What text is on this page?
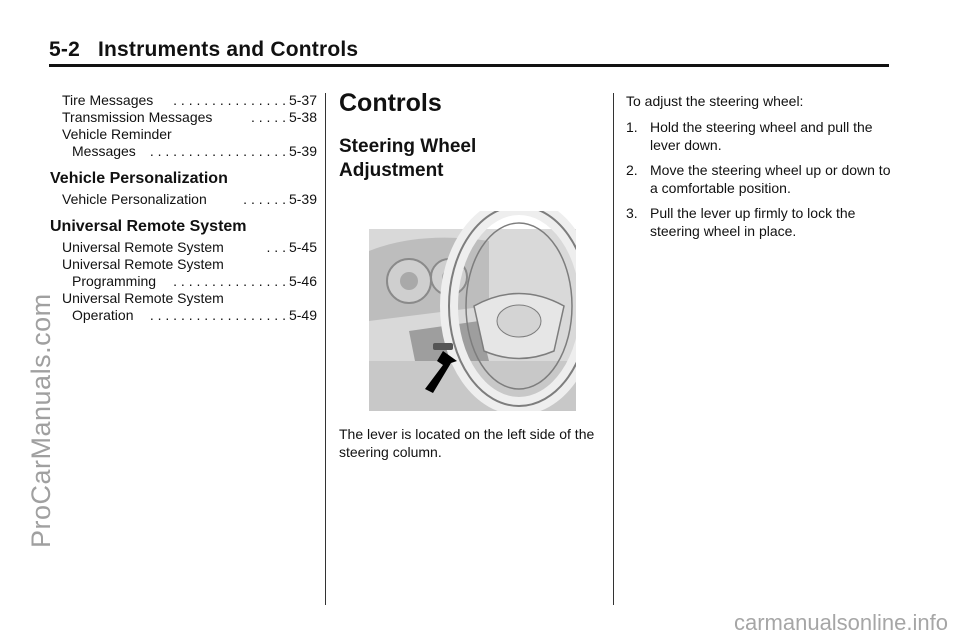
5-2 Instruments and Controls
ProCarManuals.com
carmanualsonline.info
Tire Messages	. . . . . . . . . . . . . . . 5-37
Transmission Messages	. . . . . 5-38
Vehicle Reminder
Messages	. . . . . . . . . . . . . . . . . . 5-39
Vehicle Personalization
Vehicle Personalization	. . . . . . 5-39
Universal Remote System
Universal Remote System	. . . 5-45
Universal Remote System
Programming	. . . . . . . . . . . . . . . 5-46
Universal Remote System
Operation	. . . . . . . . . . . . . . . . . . 5-49
Controls
Steering Wheel
Adjustment
The lever is located on the left side of the steering column.

To adjust the steering wheel:

1. Hold the steering wheel and pull the lever down.
2. Move the steering wheel up or down to a comfortable position.
3. Pull the lever up firmly to lock the steering wheel in place.
